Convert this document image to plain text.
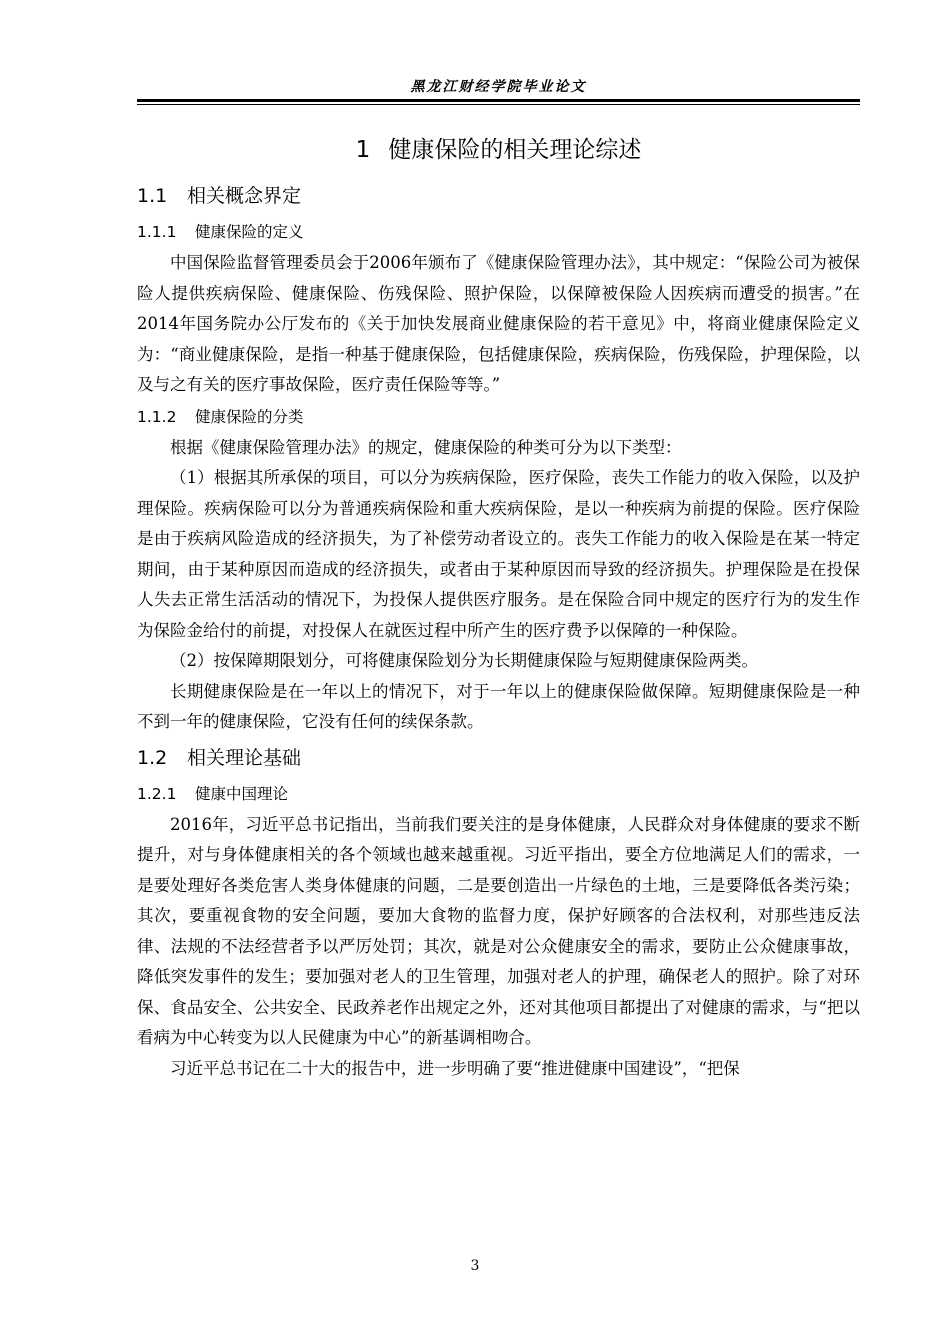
黑龙江财经学院毕业论文
1 健康保险的相关理论综述
1.1 相关概念界定
1.1.1 健康保险的定义

中国保险监督管理委员会于2006年颁布了《健康保险管理办法》，其中规定：“保险公司为被保险人提供疾病保险、健康保险、伤残保险、照护保险，以保障被保险人因疾病而遭受的损害。”在2014年国务院办公厅发布的《关于加快发展商业健康保险的若干意见》中，将商业健康保险定义为：“商业健康保险，是指一种基于健康保险，包括健康保险，疾病保险，伤残保险，护理保险，以及与之有关的医疗事故保险，医疗责任保险等等。”

1.1.2 健康保险的分类

根据《健康保险管理办法》的规定，健康保险的种类可分为以下类型：

（1）根据其所承保的项目，可以分为疾病保险，医疗保险，丧失工作能力的收入保险，以及护理保险。疾病保险可以分为普通疾病保险和重大疾病保险，是以一种疾病为前提的保险。医疗保险是由于疾病风险造成的经济损失，为了补偿劳动者设立的。丧失工作能力的收入保险是在某一特定期间，由于某种原因而造成的经济损失，或者由于某种原因而导致的经济损失。护理保险是在投保人失去正常生活活动的情况下，为投保人提供医疗服务。是在保险合同中规定的医疗行为的发生作为保险金给付的前提，对投保人在就医过程中所产生的医疗费予以保障的一种保险。

（2）按保障期限划分，可将健康保险划分为长期健康保险与短期健康保险两类。

长期健康保险是在一年以上的情况下，对于一年以上的健康保险做保障。短期健康保险是一种不到一年的健康保险，它没有任何的续保条款。

1.2 相关理论基础
1.2.1 健康中国理论

2016年，习近平总书记指出，当前我们要关注的是身体健康，人民群众对身体健康的要求不断提升，对与身体健康相关的各个领域也越来越重视。习近平指出，要全方位地满足人们的需求，一是要处理好各类危害人类身体健康的问题，二是要创造出一片绿色的土地，三是要降低各类污染；其次，要重视食物的安全问题，要加大食物的监督力度，保护好顾客的合法权利，对那些违反法律、法规的不法经营者予以严厉处罚；其次，就是对公众健康安全的需求，要防止公众健康事故，降低突发事件的发生；要加强对老人的卫生管理，加强对老人的护理，确保老人的照护。除了对环保、食品安全、公共安全、民政养老作出规定之外，还对其他项目都提出了对健康的需求，与“把以看病为中心转变为以人民健康为中心”的新基调相吻合。

习近平总书记在二十大的报告中，进一步明确了要“推进健康中国建设”，“把保

3
